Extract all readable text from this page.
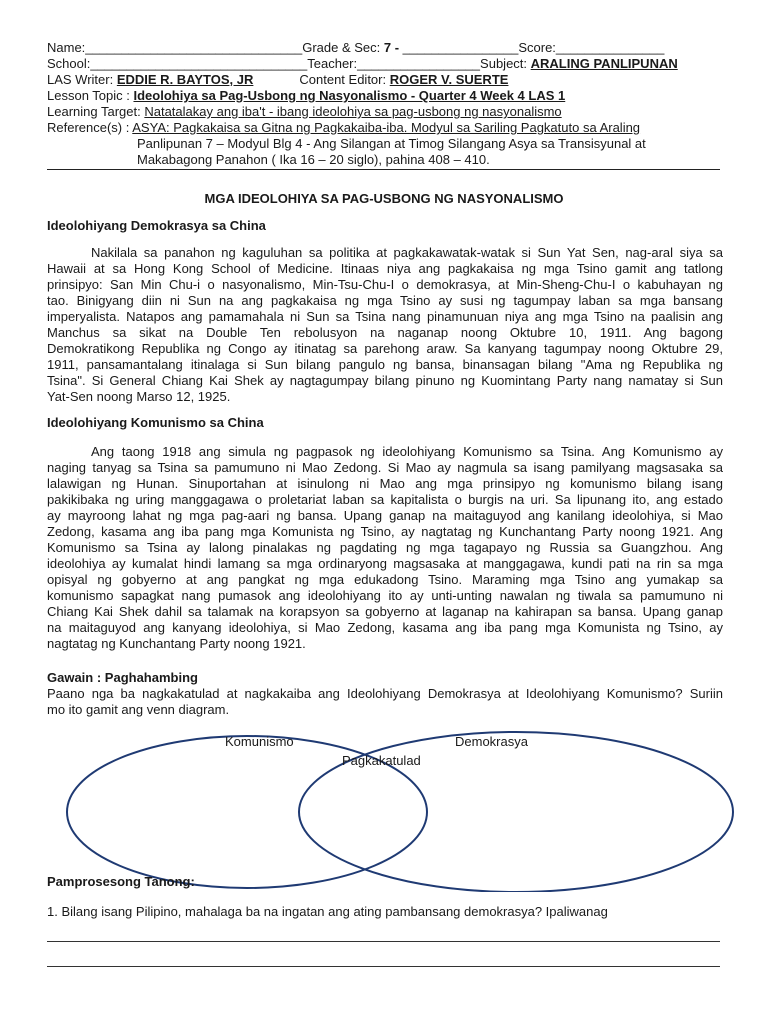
Name:______________________________Grade & Sec: 7 - ________________Score:_______________
School:______________________________Teacher:_________________Subject: ARALING PANLIPUNAN
LAS Writer: EDDIE R. BAYTOS, JR	Content Editor: ROGER V. SUERTE
Lesson Topic : Ideolohiya sa Pag-Usbong ng Nasyonalismo - Quarter 4 Week 4 LAS 1
Learning Target: Natatalakay ang iba't - ibang ideolohiya sa pag-usbong ng nasyonalismo
Reference(s) : ASYA: Pagkakaisa sa Gitna ng Pagkakaiba-iba. Modyul sa Sariling Pagkatuto sa Araling
Panlipunan 7 – Modyul Blg 4 - Ang Silangan at Timog Silangang Asya sa Transisyunal at
Makabagong Panahon ( Ika 16 – 20 siglo), pahina 408 – 410.
MGA IDEOLOHIYA SA PAG-USBONG NG NASYONALISMO
Ideolohiyang Demokrasya sa China
Nakilala sa panahon ng kaguluhan sa politika at pagkakawatak-watak si Sun Yat Sen, nag-aral siya sa
Hawaii at sa Hong Kong School of Medicine. Itinaas niya ang pagkakaisa ng mga Tsino gamit ang tatlong
prinsipyo: San Min Chu-i o nasyonalismo, Min-Tsu-Chu-I o demokrasya, at Min-Sheng-Chu-I o kabuhayan ng
tao. Binigyang diin ni Sun na ang pagkakaisa ng mga Tsino ay susi ng tagumpay laban sa mga bansang
imperyalista. Natapos ang pamamahala ni Sun sa Tsina nang pinamunuan niya ang mga Tsino na paalisin ang
Manchus sa sikat na Double Ten rebolusyon na naganap noong Oktubre 10, 1911. Ang bagong
Demokratikong Republika ng Congo ay itinatag sa parehong araw. Sa kanyang tagumpay noong Oktubre 29,
1911, pansamantalang itinalaga si Sun bilang pangulo ng bansa, binansagan bilang "Ama ng Republika ng
Tsina". Si General Chiang Kai Shek ay nagtagumpay bilang pinuno ng Kuomintang Party nang namatay si Sun
Yat-Sen noong Marso 12, 1925.
Ideolohiyang Komunismo sa China
Ang taong 1918 ang simula ng pagpasok ng ideolohiyang Komunismo sa Tsina. Ang Komunismo ay
naging tanyag sa Tsina sa pamumuno ni Mao Zedong. Si Mao ay nagmula sa isang pamilyang magsasaka sa
lalawigan ng Hunan. Sinuportahan at isinulong ni Mao ang mga prinsipyo ng komunismo bilang isang
pakikibaka ng uring manggagawa o proletariat laban sa kapitalista o burgis na uri. Sa lipunang ito, ang estado
ay mayroong lahat ng mga pag-aari ng bansa. Upang ganap na maitaguyod ang kanilang ideolohiya, si Mao
Zedong, kasama ang iba pang mga Komunista ng Tsino, ay nagtatag ng Kunchantang Party noong 1921. Ang
Komunismo sa Tsina ay lalong pinalakas ng pagdating ng mga tagapayo ng Russia sa Guangzhou. Ang
ideolohiya ay kumalat hindi lamang sa mga ordinaryong magsasaka at manggagawa, kundi pati na rin sa mga
opisyal ng gobyerno at ang pangkat ng mga edukadong Tsino. Maraming mga Tsino ang yumakap sa
komunismo sapagkat nang pumasok ang ideolohiyang ito ay unti-unting nawalan ng tiwala sa pamumuno ni
Chiang Kai Shek dahil sa talamak na korapsyon sa gobyerno at laganap na kahirapan sa bansa. Upang ganap
na maitaguyod ang kanyang ideolohiya, si Mao Zedong, kasama ang iba pang mga Komunista ng Tsino, ay
nagtatag ng Kunchantang Party noong 1921.
Gawain : Paghahambing
Paano nga ba nagkakatulad at nagkakaiba ang Ideolohiyang Demokrasya at Ideolohiyang Komunismo? Suriin
mo ito gamit ang venn diagram.
Komunismo	Demokrasya
Pagkakatulad
Pamprosesong Tanong:
1. Bilang isang Pilipino, mahalaga ba na ingatan ang ating pambansang demokrasya? Ipaliwanag
